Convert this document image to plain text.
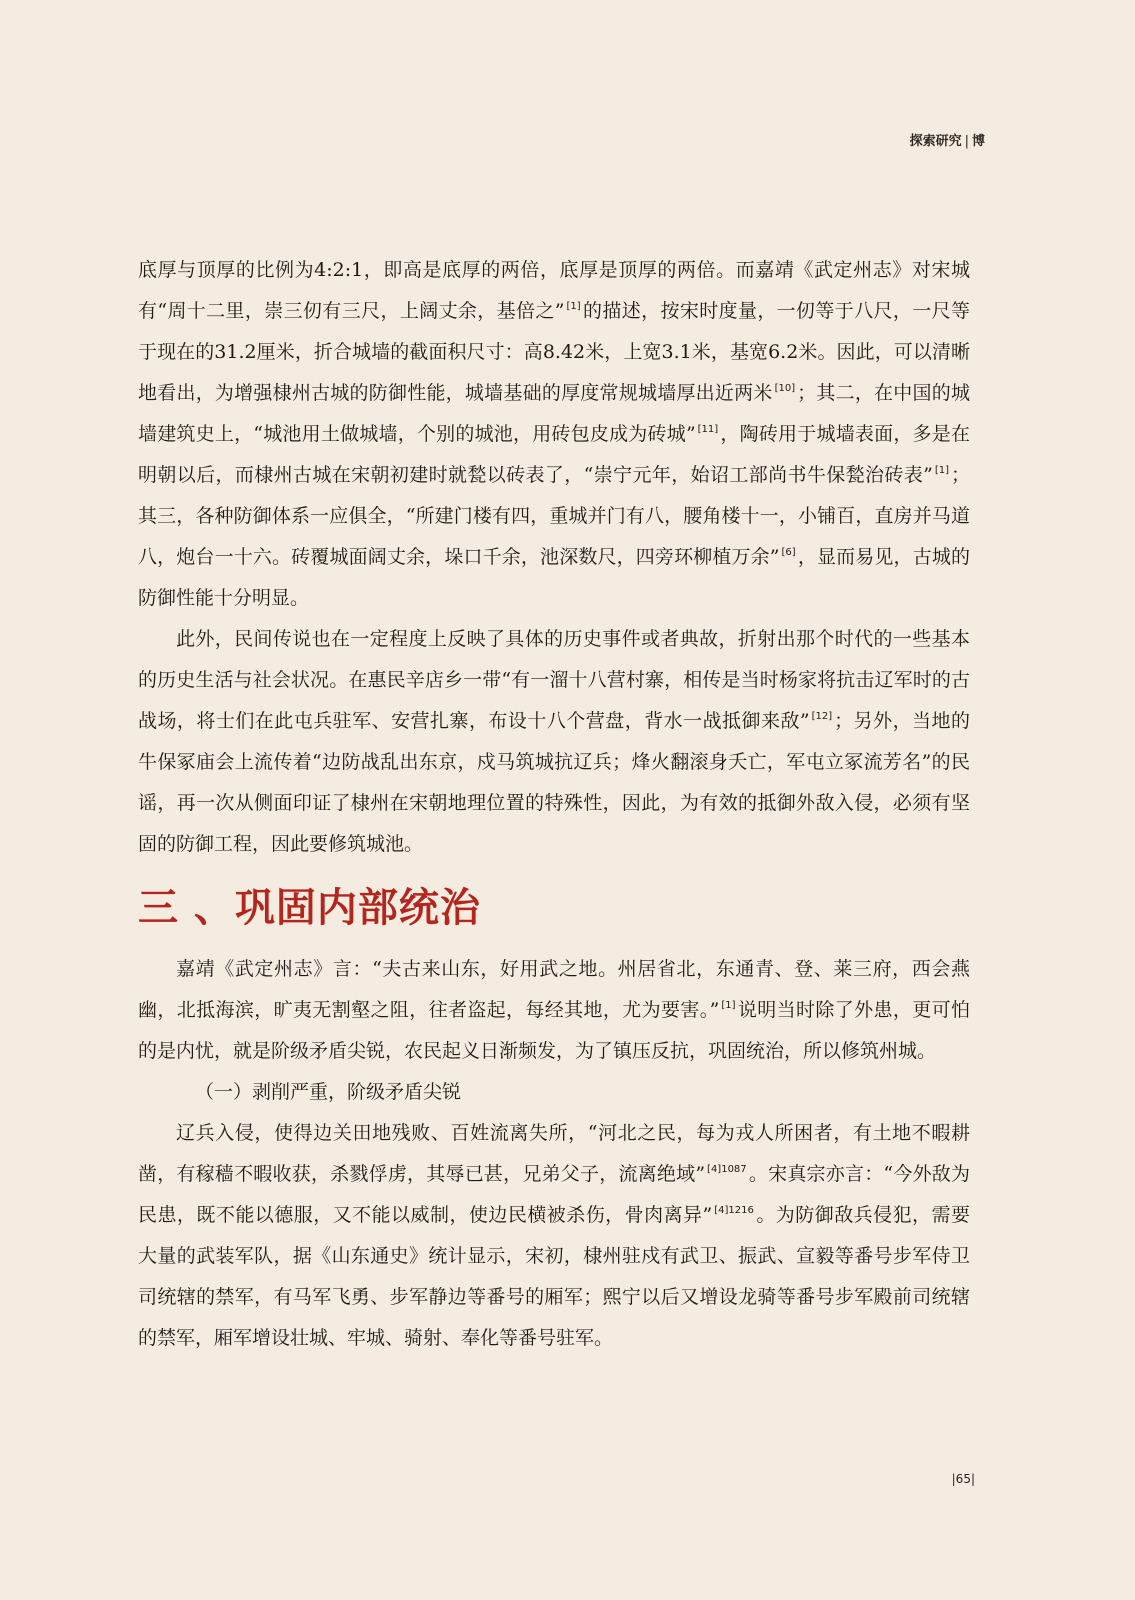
探索研究 | 博

底厚与顶厚的比例为4:2:1，即高是底厚的两倍，底厚是顶厚的两倍。而嘉靖《武定州志》对宋城有“周十二里，崇三仞有三尺，上阔丈余，基倍之” [1] 的描述，按宋时度量，一仞等于八尺，一尺等于现在的31.2厘米，折合城墙的截面积尺寸：高8.42米，上宽3.1米，基宽6.2米。因此，可以清晰地看出，为增强棣州古城的防御性能，城墙基础的厚度常规城墙厚出近两米 [10] ；其二，在中国的城墙建筑史上，“城池用土做城墙，个别的城池，用砖包皮成为砖城” [11] ，陶砖用于城墙表面，多是在明朝以后，而棣州古城在宋朝初建时就甃以砖表了，“崇宁元年，始诏工部尚书牛保甃治砖表” [1] ；其三，各种防御体系一应俱全，“所建门楼有四，重城并门有八，腰角楼十一，小铺百，直房并马道八，炮台一十六。砖覆城面阔丈余，垛口千余，池深数尺，四旁环柳植万余” [6] ，显而易见，古城的防御性能十分明显。

此外，民间传说也在一定程度上反映了具体的历史事件或者典故，折射出那个时代的一些基本的历史生活与社会状况。在惠民辛店乡一带“有一溜十八营村寨，相传是当时杨家将抗击辽军时的古战场，将士们在此屯兵驻军、安营扎寨，布设十八个营盘，背水一战抵御来敌” [12] ；另外，当地的牛保冢庙会上流传着“边防战乱出东京，戍马筑城抗辽兵；烽火翻滚身夭亡，军屯立冢流芳名”的民谣，再一次从侧面印证了棣州在宋朝地理位置的特殊性，因此，为有效的抵御外敌入侵，必须有坚固的防御工程，因此要修筑城池。

三 、巩固内部统治

嘉靖《武定州志》言：“夫古来山东，好用武之地。州居省北，东通青、登、莱三府，西会燕幽，北抵海滨，旷夷无割壑之阻，往者盗起，每经其地，尤为要害。” [1] 说明当时除了外患，更可怕的是内忧，就是阶级矛盾尖锐，农民起义日渐频发，为了镇压反抗，巩固统治，所以修筑州城。

（一）剥削严重，阶级矛盾尖锐

辽兵入侵，使得边关田地残败、百姓流离失所，“河北之民，每为戎人所困者，有土地不暇耕凿，有稼穑不暇收获，杀戮俘虏，其辱已甚，兄弟父子，流离绝域” $^{[4]1087}$ 。宋真宗亦言：“今外敌为民患，既不能以德服，又不能以威制，使边民横被杀伤，骨肉离异” $^{[4]1216}$ 。为防御敌兵侵犯，需要大量的武装军队，据《山东通史》统计显示，宋初，棣州驻戍有武卫、振武、宣毅等番号步军侍卫司统辖的禁军，有马军飞勇、步军静边等番号的厢军；熙宁以后又增设龙骑等番号步军殿前司统辖的禁军，厢军增设壮城、牢城、骑射、奉化等番号驻军。

|65|
